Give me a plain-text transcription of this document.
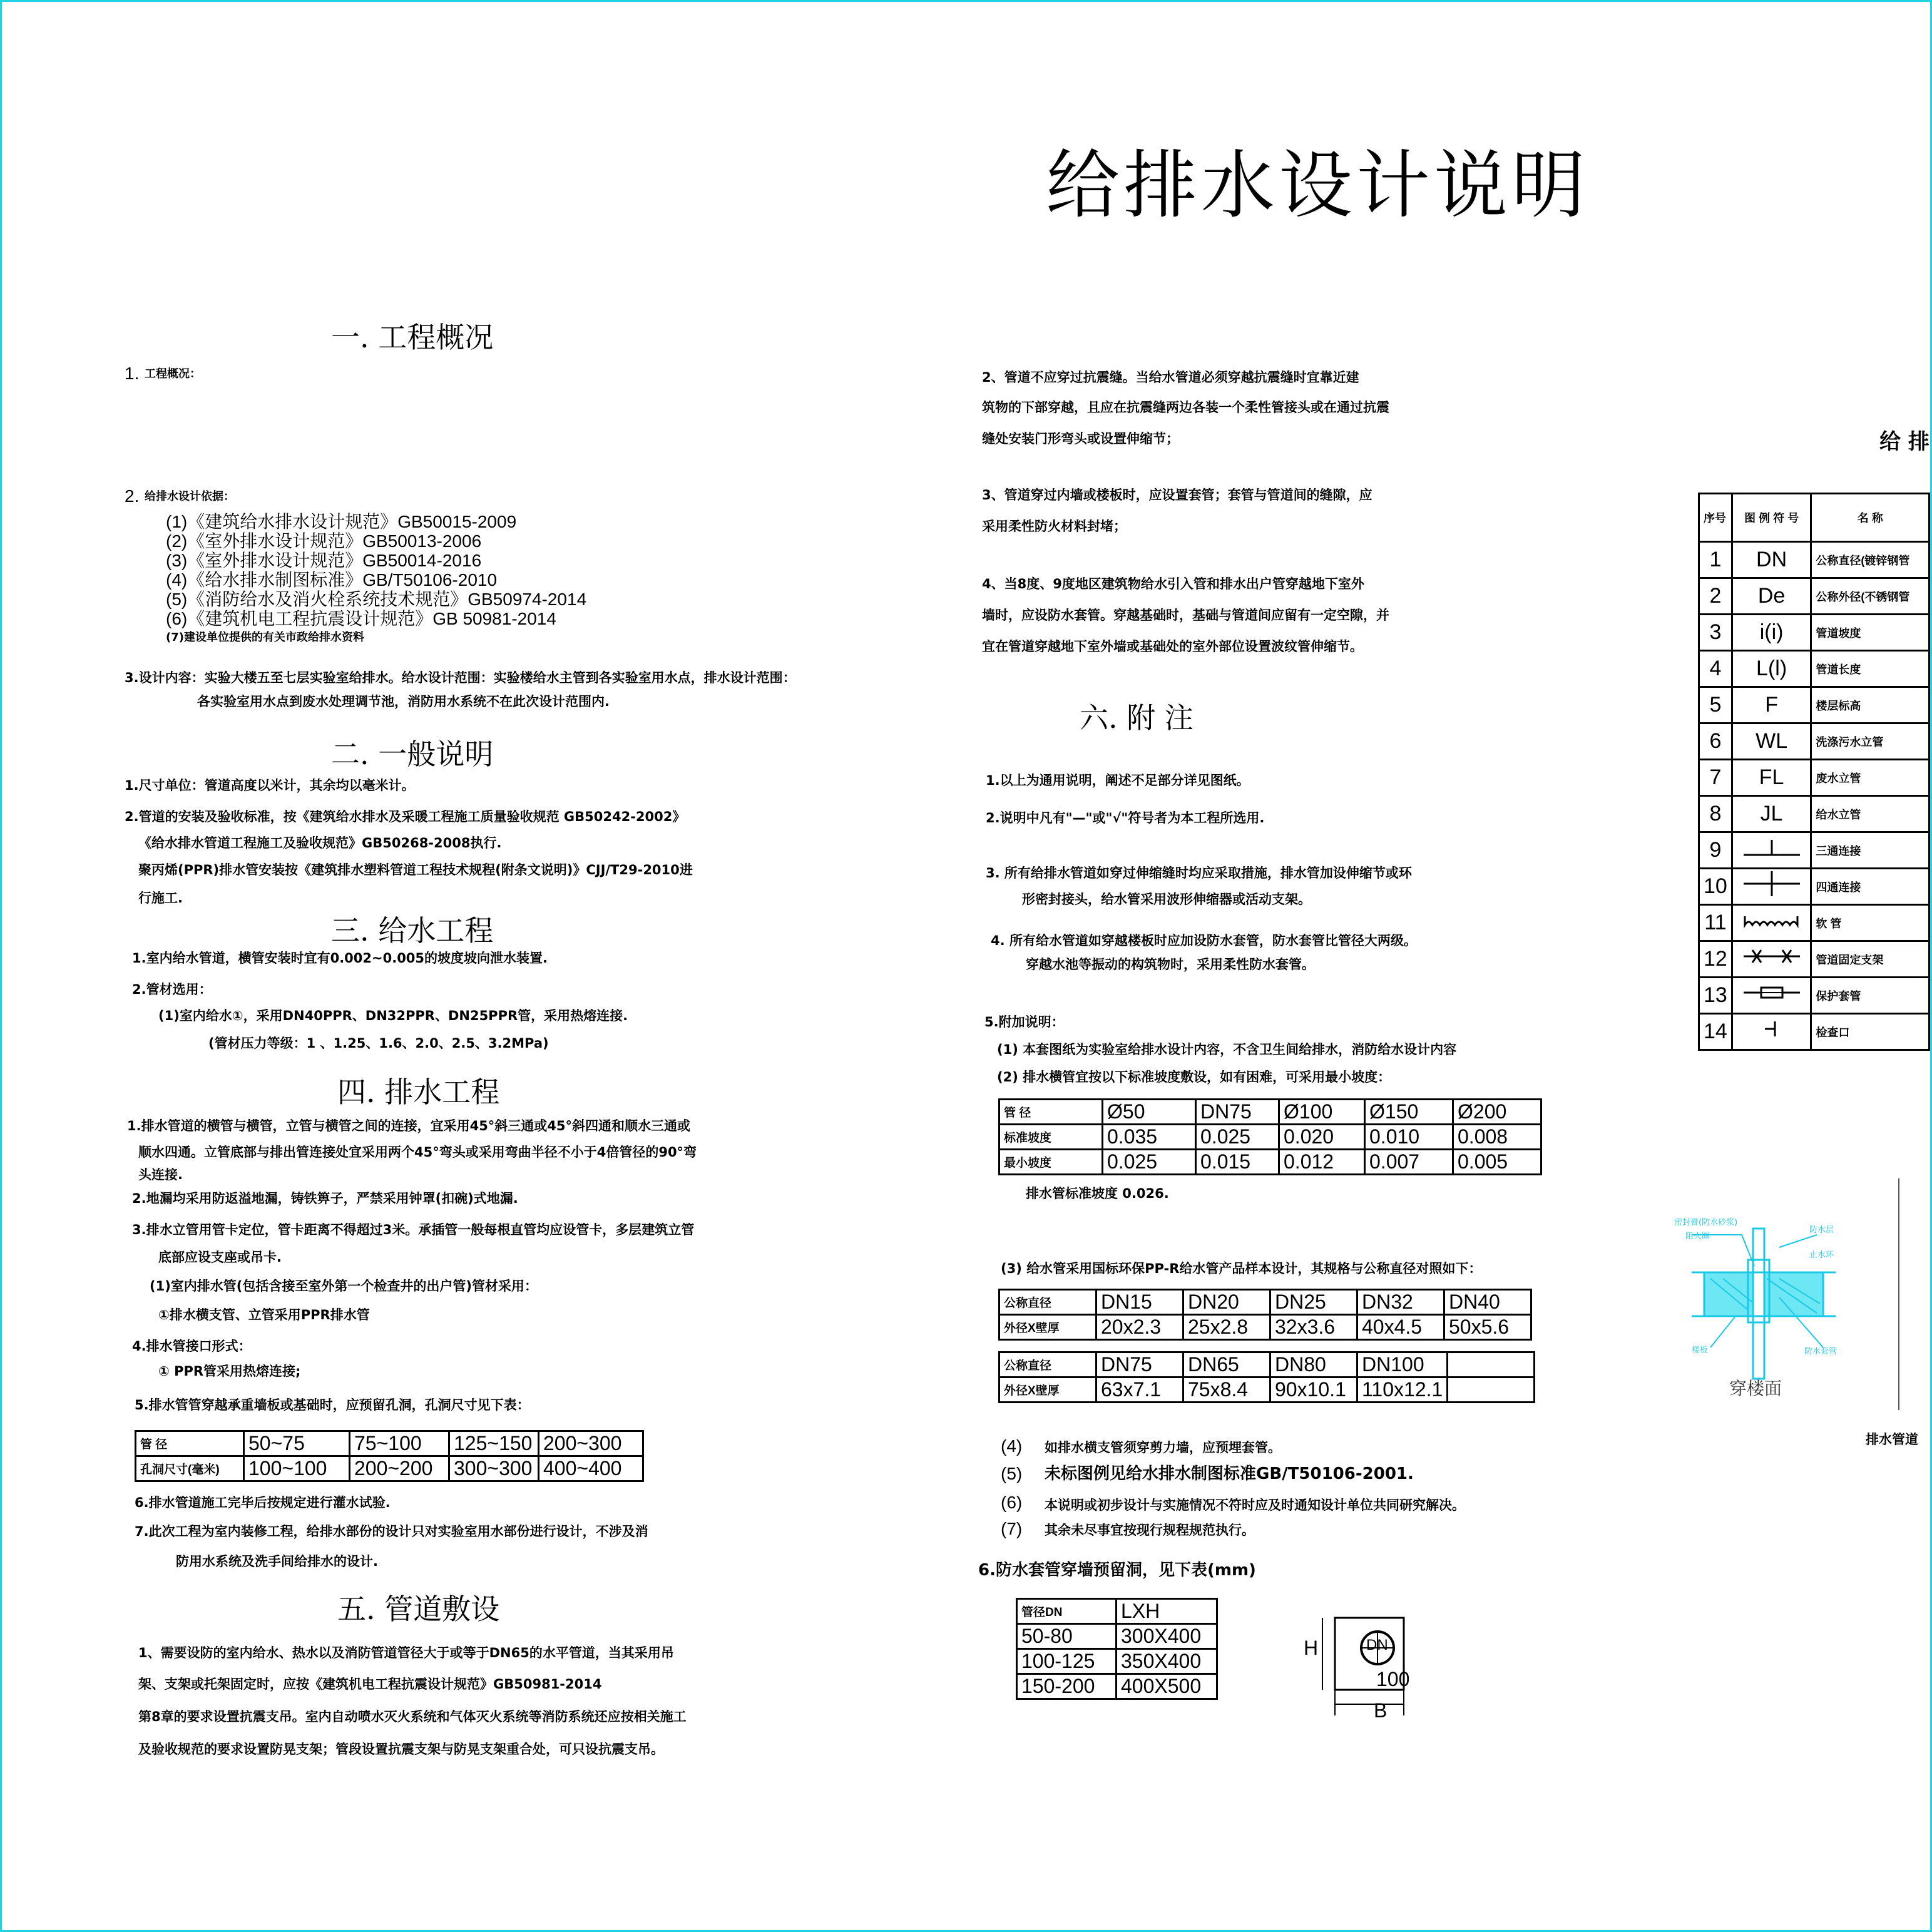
给排水设计说明
一. 工程概况
1. 工程概况：
2. 给排水设计依据：
(1)《建筑给水排水设计规范》GB50015-2009
(2)《室外排水设计规范》GB50013-2006
(3)《室外排水设计规范》GB50014-2016
(4)《给水排水制图标准》GB/T50106-2010
(5)《消防给水及消火栓系统技术规范》GB50974-2014
(6)《建筑机电工程抗震设计规范》GB 50981-2014
(7)建设单位提供的有关市政给排水资料
3.设计内容：实验大楼五至七层实验室给排水。给水设计范围：实验楼给水主管到各实验室用水点，排水设计范围：
各实验室用水点到废水处理调节池，消防用水系统不在此次设计范围内.
二. 一般说明
1.尺寸单位：管道高度以米计，其余均以毫米计。
2.管道的安装及验收标准，按《建筑给水排水及采暖工程施工质量验收规范 GB50242-2002》
《给水排水管道工程施工及验收规范》GB50268-2008执行.
聚丙烯(PPR)排水管安装按《建筑排水塑料管道工程技术规程(附条文说明)》CJJ/T29-2010进
行施工.
三. 给水工程
1.室内给水管道，横管安装时宜有0.002~0.005的坡度坡向泄水装置.
2.管材选用：
(1)室内给水①，采用DN40PPR、DN32PPR、DN25PPR管，采用热熔连接.
(管材压力等级：1 、1.25、1.6、2.0、2.5、3.2MPa)
四. 排水工程
1.排水管道的横管与横管，立管与横管之间的连接，宜采用45°斜三通或45°斜四通和顺水三通或
顺水四通。立管底部与排出管连接处宜采用两个45°弯头或采用弯曲半径不小于4倍管径的90°弯
头连接.
2.地漏均采用防返溢地漏，铸铁箅子，严禁采用钟罩(扣碗)式地漏.
3.排水立管用管卡定位，管卡距离不得超过3米。承插管一般每根直管均应设管卡，多层建筑立管
底部应设支座或吊卡.
(1)室内排水管(包括含接至室外第一个检查井的出户管)管材采用：
①排水横支管、立管采用PPR排水管
4.排水管接口形式：
① PPR管采用热熔连接;
5.排水管管穿越承重墙板或基础时，应预留孔洞，孔洞尺寸见下表：
管 径	50~75	75~100	125~150	200~300
孔洞尺寸(毫米)	100~100	200~200	300~300	400~400
6.排水管道施工完毕后按规定进行灌水试验.
7.此次工程为室内装修工程，给排水部份的设计只对实验室用水部份进行设计，不涉及消
防用水系统及洗手间给排水的设计.
五. 管道敷设
1、需要设防的室内给水、热水以及消防管道管径大于或等于DN65的水平管道，当其采用吊
架、支架或托架固定时，应按《建筑机电工程抗震设计规范》GB50981-2014
第8章的要求设置抗震支吊。室内自动喷水灭火系统和气体灭火系统等消防系统还应按相关施工
及验收规范的要求设置防晃支架；管段设置抗震支架与防晃支架重合处，可只设抗震支吊。
2、管道不应穿过抗震缝。当给水管道必须穿越抗震缝时宜靠近建
筑物的下部穿越，且应在抗震缝两边各装一个柔性管接头或在通过抗震
缝处安装门形弯头或设置伸缩节；
3、管道穿过内墙或楼板时，应设置套管；套管与管道间的缝隙，应
采用柔性防火材料封堵；
4、当8度、9度地区建筑物给水引入管和排水出户管穿越地下室外
墙时，应设防水套管。穿越基础时，基础与管道间应留有一定空隙，并
宜在管道穿越地下室外墙或基础处的室外部位设置波纹管伸缩节。
六. 附 注
1.以上为通用说明，阐述不足部分详见图纸。
2.说明中凡有"—"或"√"符号者为本工程所选用.
3. 所有给排水管道如穿过伸缩缝时均应采取措施，排水管加设伸缩节或环
形密封接头，给水管采用波形伸缩器或活动支架。
4. 所有给水管道如穿越楼板时应加设防水套管，防水套管比管径大两级。
穿越水池等振动的构筑物时，采用柔性防水套管。
5.附加说明：
(1) 本套图纸为实验室给排水设计内容，不含卫生间给排水，消防给水设计内容
(2) 排水横管宜按以下标准坡度敷设，如有困难，可采用最小坡度：
管 径	Ø50	DN75	Ø100	Ø150	Ø200
标准坡度	0.035	0.025	0.020	0.010	0.008
最小坡度	0.025	0.015	0.012	0.007	0.005
排水管标准坡度 0.026.
(3) 给水管采用国标环保PP-R给水管产品样本设计，其规格与公称直径对照如下：
公称直径	DN15	DN20	DN25	DN32	DN40
外径X壁厚	20x2.3	25x2.8	32x3.6	40x4.5	50x5.6
公称直径	DN75	DN65	DN80	DN100	
外径X壁厚	63x7.1	75x8.4	90x10.1	110x12.1	
(4) 如排水横支管须穿剪力墙，应预埋套管。
(5) 未标图例见给水排水制图标准GB/T50106-2001.
(6) 本说明或初步设计与实施情况不符时应及时通知设计单位共同研究解决。
(7) 其余未尽事宜按现行规程规范执行。
6.防水套管穿墙预留洞，见下表(mm)
管径DN	LXH
50-80	300X400
100-125	350X400
150-200	400X500
H	DN
100
B
给 排
序号	图 例 符 号	名 称
1	DN	公称直径(镀锌钢管
2	De	公称外径(不锈钢管
3	i(i)	管道坡度
4	L(l)	管道长度
5	F	楼层标高
6	WL	洗涤污水立管
7	FL	废水立管
8	JL	给水立管
9		三通连接
10		四通连接
11		软 管
12		管道固定支架
13		保护套管
14		检查口
密封膏(防水砂浆)
阻火圈
防水层
楼板
止水环
防水套管
穿楼面
排水管道
